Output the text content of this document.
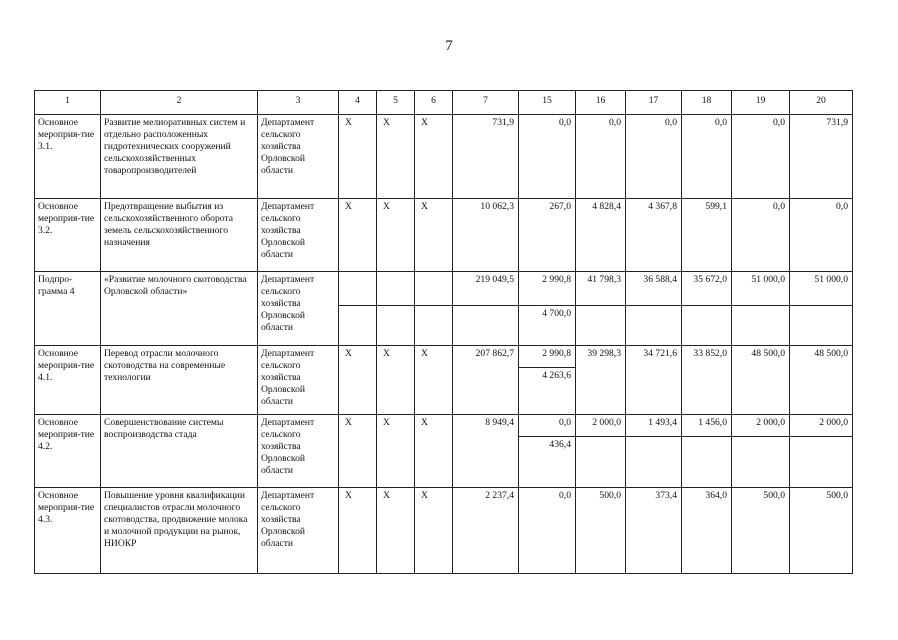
7
1	2	3	4	5	6	7	15	16	17	18	19	20
Основное мероприя-тие 3.1.	Развитие мелиоративных систем и отдельно расположенных гидротехнических сооружений сельскохозяйственных товаропроизводителей	Департамент сельского хозяйства Орловской области	Х	Х	Х	731,9	0,0	0,0	0,0	0,0	0,0	731,9
Основное мероприя-тие 3.2.	Предотвращение выбытия из сельскохозяйственного оборота земель сельскохозяйственного назначения	Департамент сельского хозяйства Орловской области	Х	Х	Х	10 062,3	267,0	4 828,4	4 367,8	599,1	0,0	0,0
Подпро-грамма 4	«Развитие молочного скотоводства Орловской области»	Департамент сельского хозяйства Орловской области				219 049,5	2 990,8	41 798,3	36 588,4	35 672,0	51 000,0	51 000,0
							4 700,0					
Основное мероприя-тие 4.1.	Перевод отрасли молочного скотоводства на современные технологии	Департамент сельского хозяйства Орловской области	Х	Х	Х	207 862,7	2 990,8	39 298,3	34 721,6	33 852,0	48 500,0	48 500,0
							4 263,6					
Основное мероприя-тие 4.2.	Совершенствование системы воспроизводства стада	Департамент сельского хозяйства Орловской области	Х	Х	Х	8 949,4	0,0	2 000,0	1 493,4	1 456,0	2 000,0	2 000,0
							436,4					
Основное мероприя-тие 4.3.	Повышение уровня квалификации специалистов отрасли молочного скотоводства, продвижение молока и молочной продукции на рынок, НИОКР	Департамент сельского хозяйства Орловской области	Х	Х	Х	2 237,4	0,0	500,0	373,4	364,0	500,0	500,0
